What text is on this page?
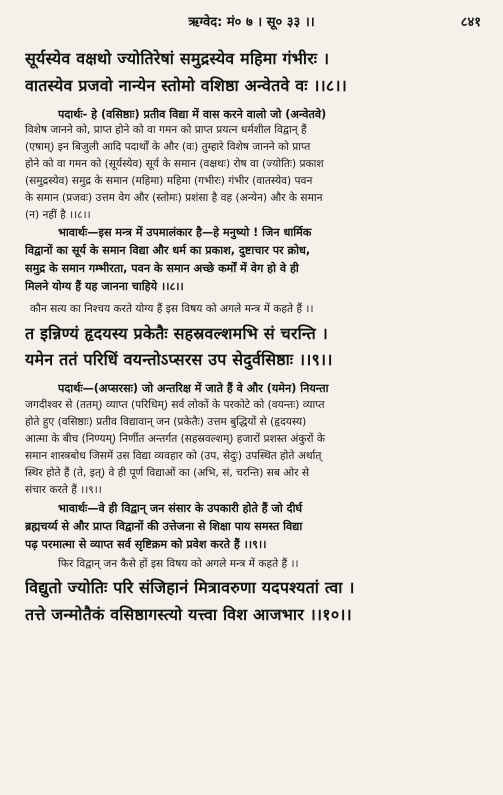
ऋग्वेद: मं० ७ । सू० ३३ ।।	८४१
सूर्यस्येव वक्षथो ज्योतिरेषां समुद्रस्येव महिमा गंभीरः ।
वातस्येव प्रजवो नान्येन स्तोमो वशिष्ठा अन्वेतवे वः ।।८।।
पदार्थः- हे (वसिष्ठाः) प्रतीव विद्या में वास करने वालो जो (अन्वेतवे)
विशेष जानने को, प्राप्त होने को वा गमन को प्राप्त प्रयत्न धर्मशील विद्वान् हैं
(एषाम्) इन बिजुली आदि पदार्थों के और (वः) तुम्हारे विशेष जानने को प्राप्त
होने को वा गमन को (सूर्यस्येव) सूर्य के समान (वक्षथः) रोष वा (ज्योतिः) प्रकाश
(समुद्रस्येव) समुद्र के समान (महिमा) महिमा (गभीरः) गंभीर (वातस्येव) पवन
के समान (प्रजवः) उत्तम वेग और (स्तोमः) प्रशंसा है वह (अन्येन) और के समान
(न) नहीं है ।।८।।
भावार्थः—इस मन्त्र में उपमालंकार है—हे मनुष्यो ! जिन धार्मिक
विद्वानों का सूर्य के समान विद्या और धर्म का प्रकाश, दुष्टाचार पर क्रोध,
समुद्र के समान गम्भीरता, पवन के समान अच्छे कर्मों में वेग हो वे ही
मिलने योग्य हैं यह जानना चाहिये ।।८।।
कौन सत्य का निश्चय करते योग्य हैं इस विषय को अगले मन्त्र में कहते हैं ।।
त इन्निण्यं हृदयस्य प्रकेतैः सहस्रवल्शमभि सं चरन्ति ।
यमेन ततं परिधिं वयन्तोऽप्सरस उप सेदुर्वसिष्ठाः ।।९।।
पदार्थः—(अप्सरसः) जो अन्तरिक्ष में जाते हैं वे और (यमेन) नियन्ता
जगदीश्वर से (ततम्) व्याप्त (परिधिम्) सर्व लोकों के परकोटे को (वयन्तः) व्याप्त
होते हुए (वसिष्ठाः) प्रतीव विद्यावान् जन (प्रकेतैः) उत्तम बुद्धियों से (हृदयस्य)
आत्मा के बीच (निण्यम्) निर्णीत अन्तर्गत (सहस्रवल्शम्) हजारों प्रशस्त अंकुरों के
समान शास्त्रबोध जिसमें उस विद्या व्यवहार को (उप, सेदुः) उपस्थित होते अर्थात्
स्थिर होते हैं (ते, इत्) वे ही पूर्ण विद्याओं का (अभि, सं, चरन्ति) सब ओर से
संचार करते हैं ।।९।।
भावार्थः—वे ही विद्वान् जन संसार के उपकारी होते हैं जो दीर्घ
ब्रह्मचर्य्य से और प्राप्त विद्वानों की उत्तेजना से शिक्षा पाय समस्त विद्या
पढ़ परमात्मा से व्याप्त सर्व सृष्टिक्रम को प्रवेश करते हैं ।।९।।
फिर विद्वान् जन कैसे हों इस विषय को अगले मन्त्र में कहते हैं ।।
विद्युतो ज्योतिः परि संजिहानं मित्रावरुणा यदपश्यतां त्वा ।
तत्ते जन्मोतैकं वसिष्ठागस्त्यो यत्त्वा विश आजभार ।।१०।।
